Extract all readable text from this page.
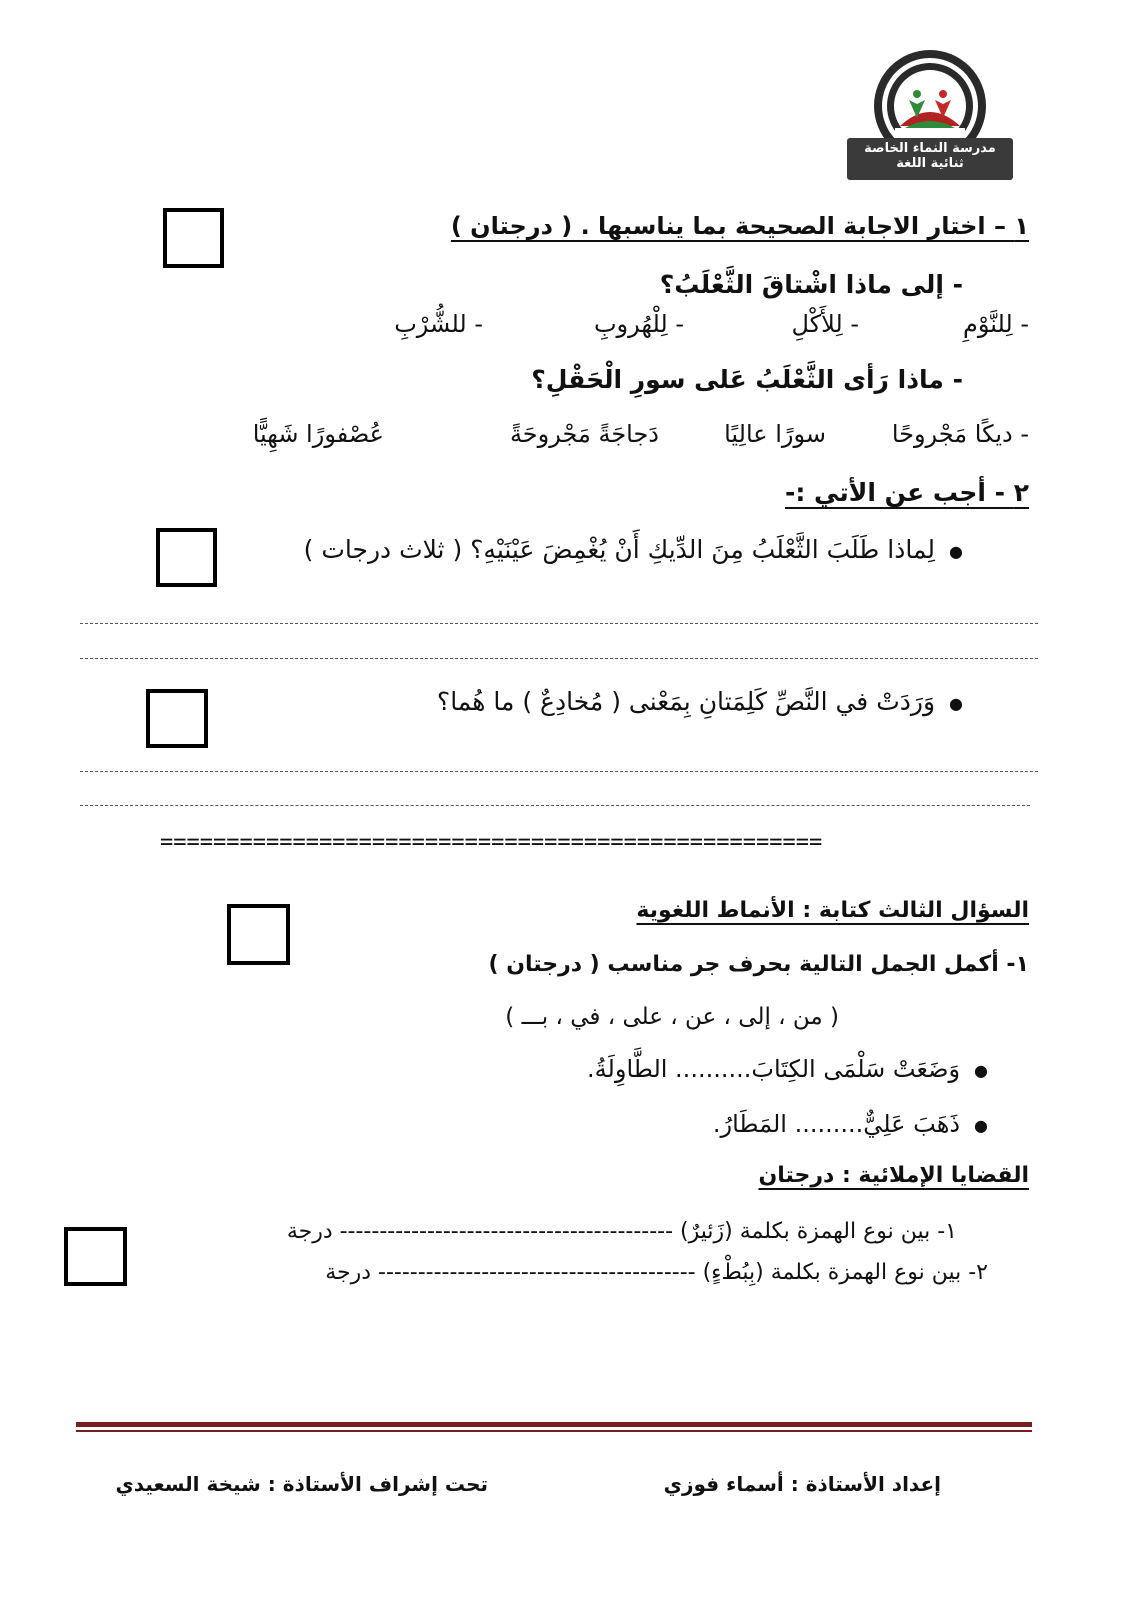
مدرسة النماء الخاصة
ثنائية اللغة
١ – اختار الاجابة الصحيحة بما يناسبها . ( درجتان )
- إلى ماذا اشْتاقَ الثَّعْلَبُ؟
- لِلنَّوْمِ
- لِلأَكْلِ
- لِلْهُروبِ
- للشُّرْبِ
- ماذا رَأى الثَّعْلَبُ عَلى سورِ الْحَقْلِ؟
- ديكًا مَجْروحًا
سورًا عالِيًا
دَجاجَةً مَجْروحَةً
عُصْفورًا شَهِيًّا
٢ - أجب عن الأتي :-
● لِماذا طَلَبَ الثَّعْلَبُ مِنَ الدِّيكِ أَنْ يُغْمِضَ عَيْنَيْهِ؟ ( ثلاث درجات )
● وَرَدَتْ في النَّصِّ كَلِمَتانِ بِمَعْنى ( مُخادِعٌ ) ما هُما؟
==================================================
السؤال الثالث كتابة : الأنماط اللغوية
١- أكمل الجمل التالية بحرف جر مناسب ( درجتان )
( من ، إلى ، عن ، على ، في ، بـــ )
● وَضَعَتْ سَلْمَى الكِتَابَ.......... الطَّاوِلَةُ.
● ذَهَبَ عَلِيٌّ......... المَطَارُ.
القضايا الإملائية : درجتان
١- بين نوع الهمزة بكلمة (زَئيرٌ) ------------------------------------------ درجة
٢- بين نوع الهمزة بكلمة (بِبُطْءٍ) ---------------------------------------- درجة
إعداد الأستاذة : أسماء فوزي
تحت إشراف الأستاذة : شيخة السعيدي
